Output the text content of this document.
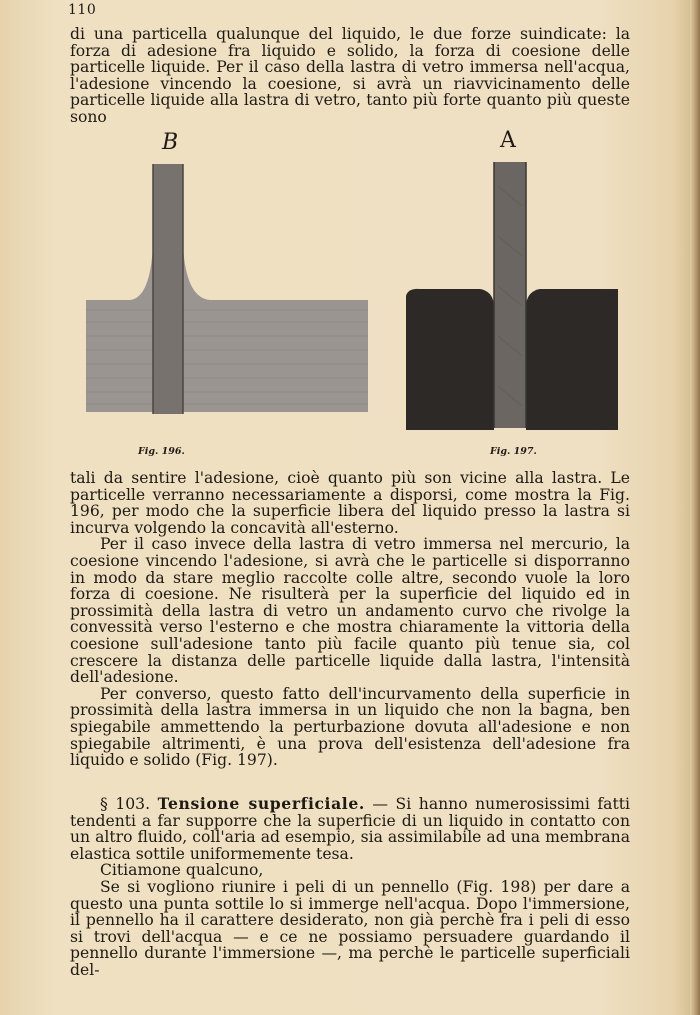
110

di una particella qualunque del liquido, le due forze suindicate: la forza di adesione fra liquido e solido, la forza di coesione delle particelle liquide. Per il caso della lastra di vetro immersa nell'acqua, l'adesione vincendo la coesione, si avrà un riavvicinamento delle particelle liquide alla lastra di vetro, tanto più forte quanto più queste sono

B	A
Fig. 196.	Fig. 197.

tali da sentire l'adesione, cioè quanto più son vicine alla lastra. Le particelle verranno necessariamente a disporsi, come mostra la Fig. 196, per modo che la superficie libera del liquido presso la lastra si incurva volgendo la concavità all'esterno.

Per il caso invece della lastra di vetro immersa nel mercurio, la coesione vincendo l'adesione, si avrà che le particelle si disporranno in modo da stare meglio raccolte colle altre, secondo vuole la loro forza di coesione. Ne risulterà per la superficie del liquido ed in prossimità della lastra di vetro un andamento curvo che rivolge la convessità verso l'esterno e che mostra chiaramente la vittoria della coesione sull'adesione tanto più facile quanto più tenue sia, col crescere la distanza delle particelle liquide dalla lastra, l'intensità dell'adesione.

Per converso, questo fatto dell'incurvamento della superficie in prossimità della lastra immersa in un liquido che non la bagna, ben spiegabile ammettendo la perturbazione dovuta all'adesione e non spiegabile altrimenti, è una prova dell'esistenza dell'adesione fra liquido e solido (Fig. 197).

§ 103. Tensione superficiale. — Si hanno numerosissimi fatti tendenti a far supporre che la superficie di un liquido in contatto con un altro fluido, coll'aria ad esempio, sia assimilabile ad una membrana elastica sottile uniformemente tesa.

Citiamone qualcuno,

Se si vogliono riunire i peli di un pennello (Fig. 198) per dare a questo una punta sottile lo si immerge nell'acqua. Dopo l'immersione, il pennello ha il carattere desiderato, non già perchè fra i peli di esso si trovi dell'acqua — e ce ne possiamo persuadere guardando il pennello durante l'immersione —, ma perchè le particelle superficiali del-
